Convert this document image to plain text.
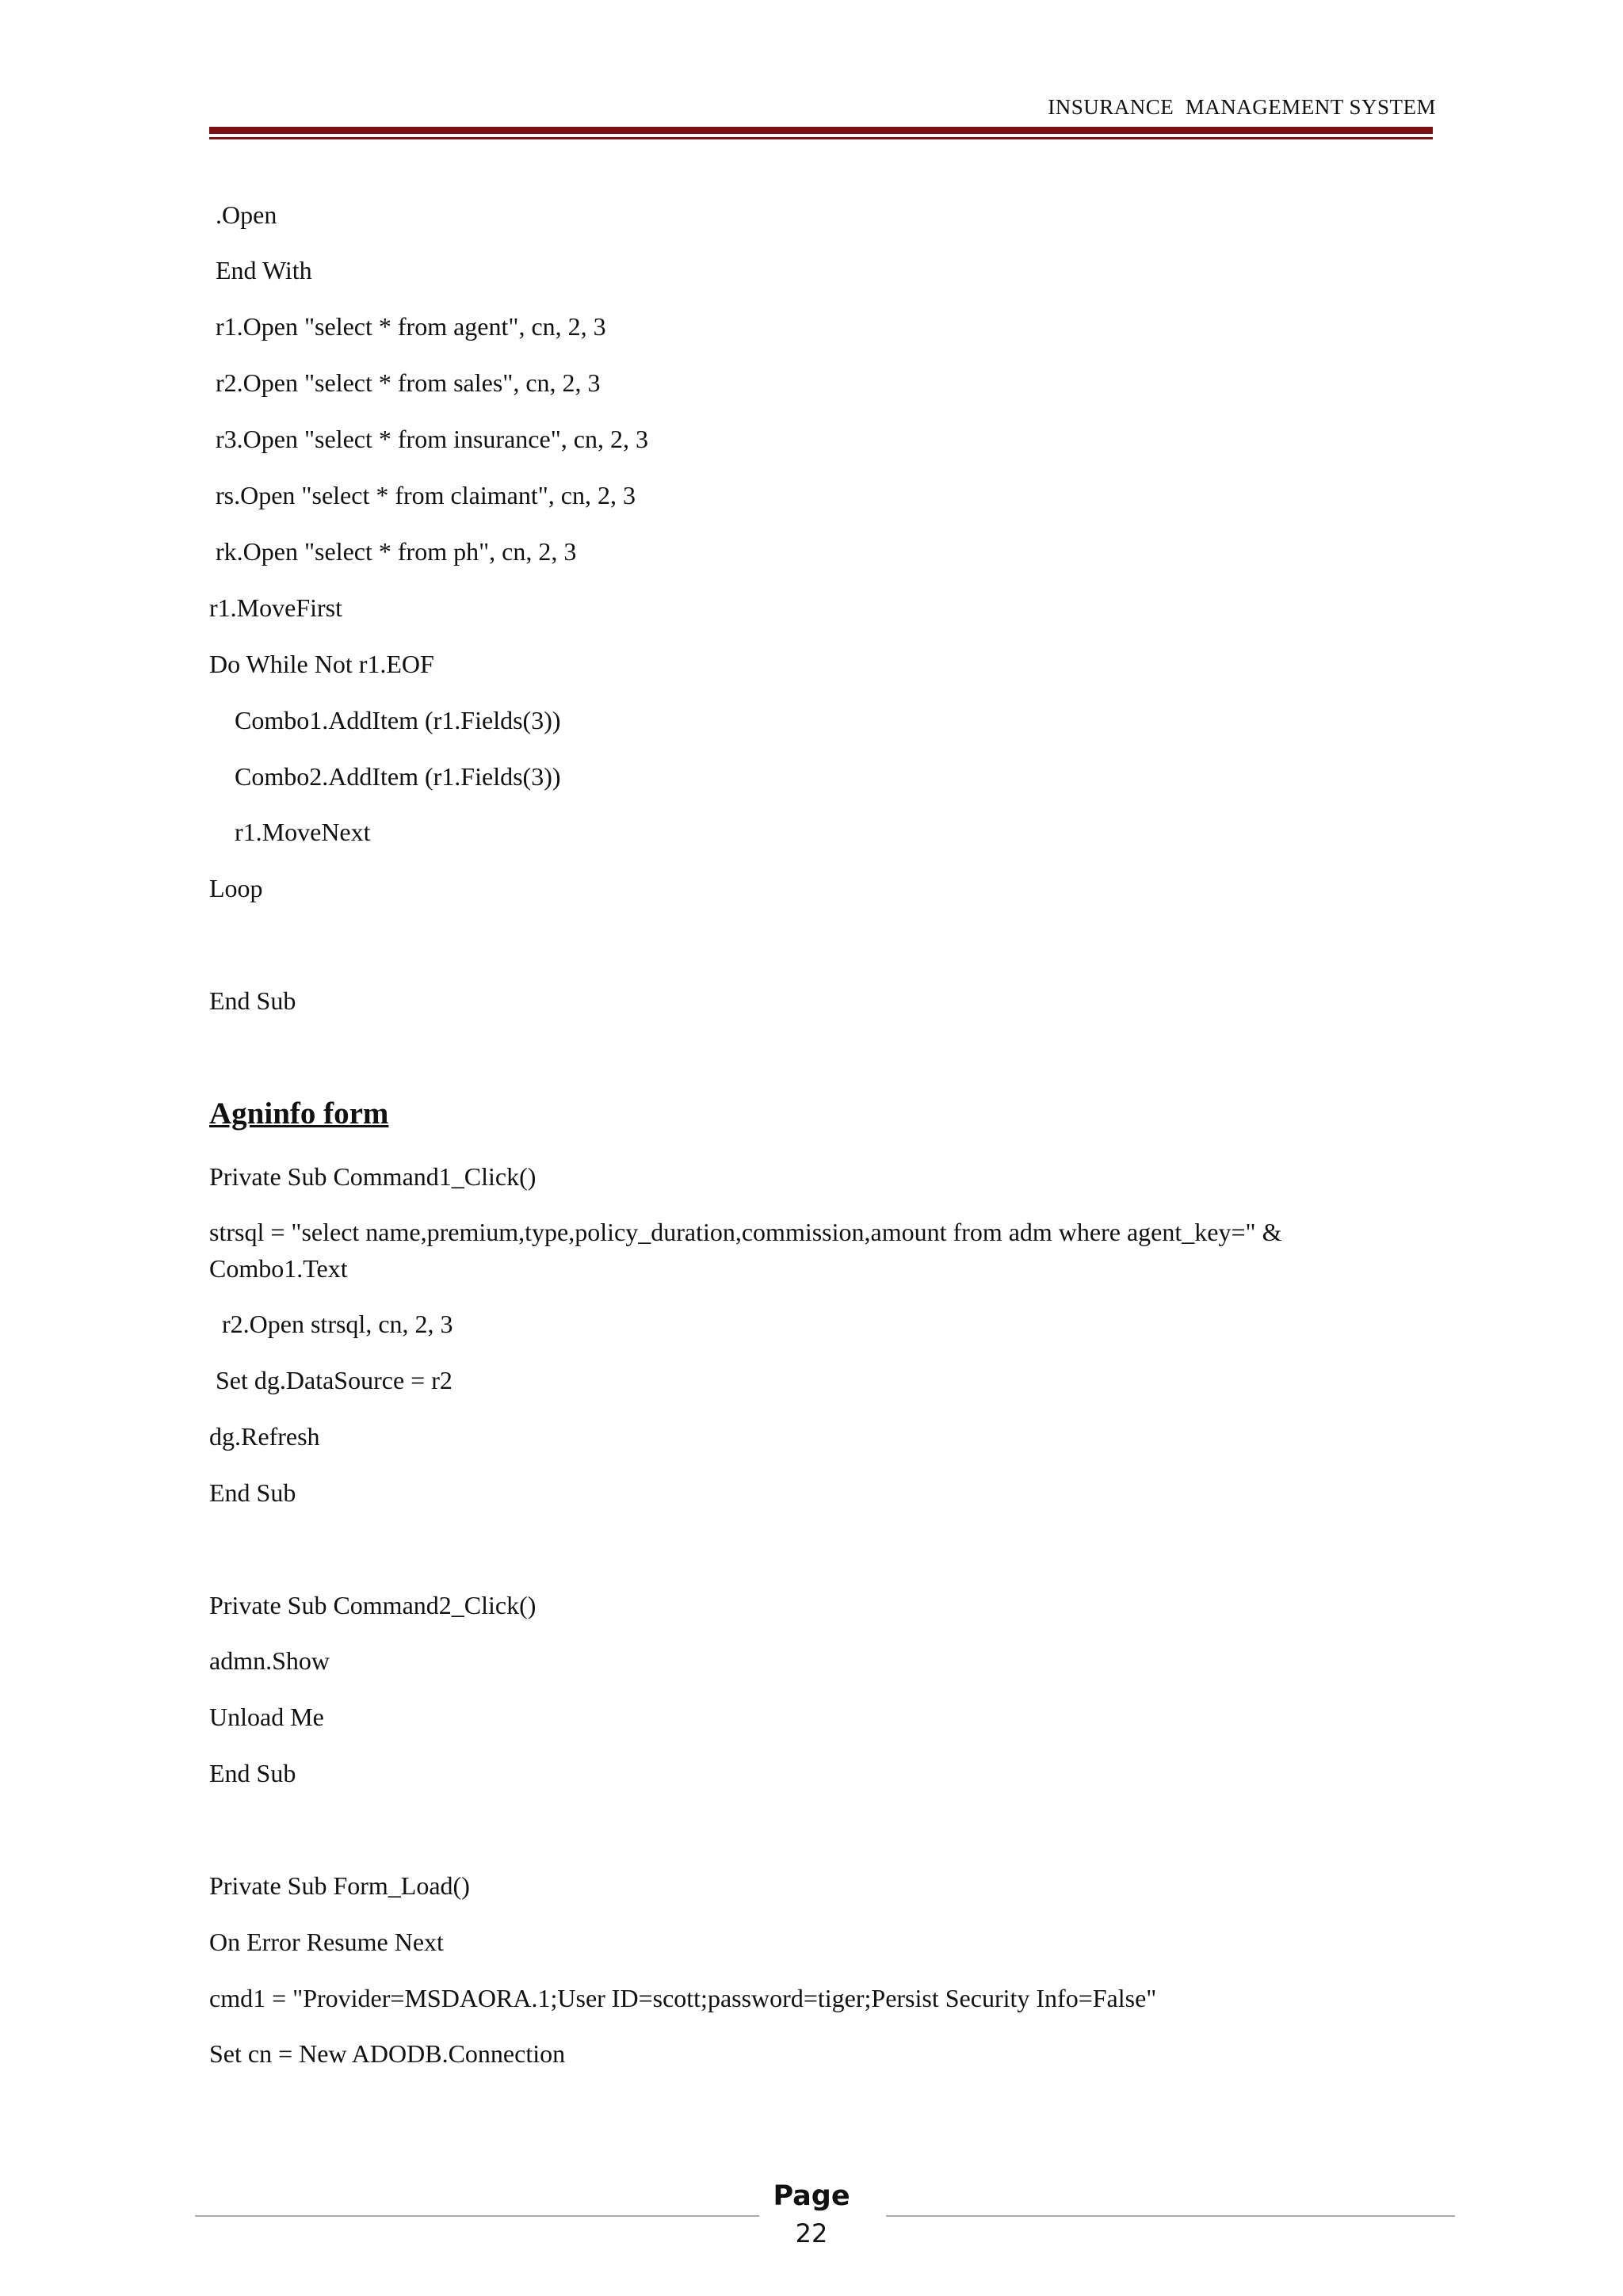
INSURANCE  MANAGEMENT SYSTEM

.Open

End With

r1.Open "select * from agent", cn, 2, 3

r2.Open "select * from sales", cn, 2, 3

r3.Open "select * from insurance", cn, 2, 3

rs.Open "select * from claimant", cn, 2, 3

rk.Open "select * from ph", cn, 2, 3

r1.MoveFirst

Do While Not r1.EOF

Combo1.AddItem (r1.Fields(3))

Combo2.AddItem (r1.Fields(3))

r1.MoveNext

Loop

End Sub

Agninfo form

Private Sub Command1_Click()

strsql = "select name,premium,type,policy_duration,commission,amount from adm where agent_key=" & Combo1.Text

r2.Open strsql, cn, 2, 3

Set dg.DataSource = r2

dg.Refresh

End Sub

Private Sub Command2_Click()

admn.Show

Unload Me

End Sub

Private Sub Form_Load()

On Error Resume Next

cmd1 = "Provider=MSDAORA.1;User ID=scott;password=tiger;Persist Security Info=False"

Set cn = New ADODB.Connection

Page
22
